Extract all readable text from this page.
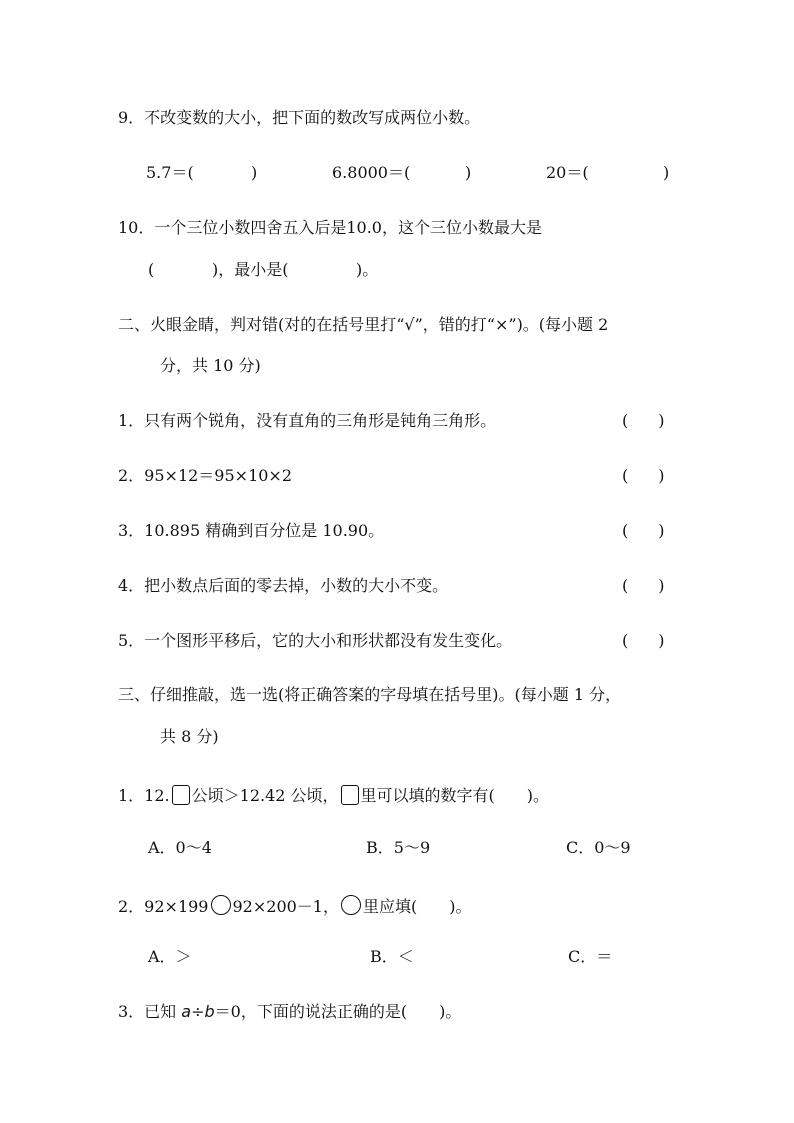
9．不改变数的大小，把下面的数改写成两位小数。
5.7＝(	)	6.8000＝(	)	20＝(	)
10．一个三位小数四舍五入后是10.0，这个三位小数最大是
(	)，最小是(	)。
二、火眼金睛，判对错(对的在括号里打“√”，错的打“×”)。(每小题 2
分，共 10 分)
1．只有两个锐角，没有直角的三角形是钝角三角形。	( )
2．95×12＝95×10×2	( )
3．10.895 精确到百分位是 10.90。	( )
4．把小数点后面的零去掉，小数的大小不变。	( )
5．一个图形平移后，它的大小和形状都没有发生变化。	( )
三、仔细推敲，选一选(将正确答案的字母填在括号里)。(每小题 1 分，
共 8 分)
1．12. 公顷＞12.42 公顷， 里可以填的数字有( )。
A．0～4	B．5～9	C．0～9
2．92×199 92×200－1， 里应填( )。
A．＞	B．＜	C．＝
3．已知 a÷b＝0，下面的说法正确的是( )。
